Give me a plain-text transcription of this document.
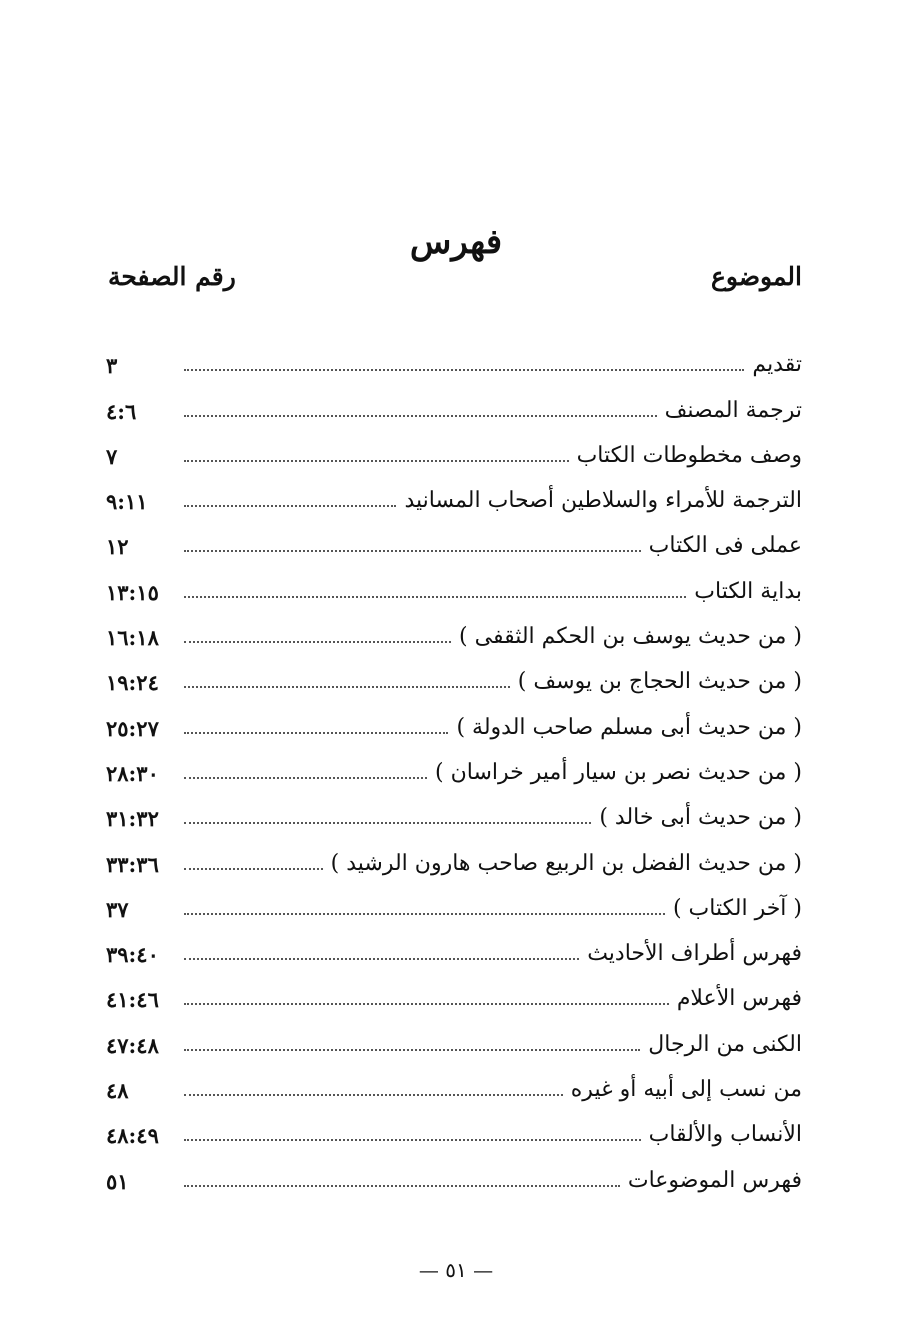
فهرس
الموضوع
رقم الصفحة
تقديم
٣
ترجمة المصنف
٤:٦
وصف مخطوطات الكتاب
٧
الترجمة للأمراء والسلاطين أصحاب المسانيد
٩:١١
عملى فى الكتاب
١٢
بداية الكتاب
١٣:١٥
( من حديث يوسف بن الحكم الثقفى )
١٦:١٨
( من حديث الحجاج بن يوسف )
١٩:٢٤
( من حديث أبى مسلم صاحب الدولة )
٢٥:٢٧
( من حديث نصر بن سيار أمير خراسان )
٢٨:٣٠
( من حديث أبى خالد )
٣١:٣٢
( من حديث الفضل بن الربيع صاحب هارون الرشيد )
٣٣:٣٦
( آخر الكتاب )
٣٧
فهرس أطراف الأحاديث
٣٩:٤٠
فهرس الأعلام
٤١:٤٦
الكنى من الرجال
٤٧:٤٨
من نسب إلى أبيه أو غيره
٤٨
الأنساب والألقاب
٤٨:٤٩
فهرس الموضوعات
٥١
— ٥١ —
